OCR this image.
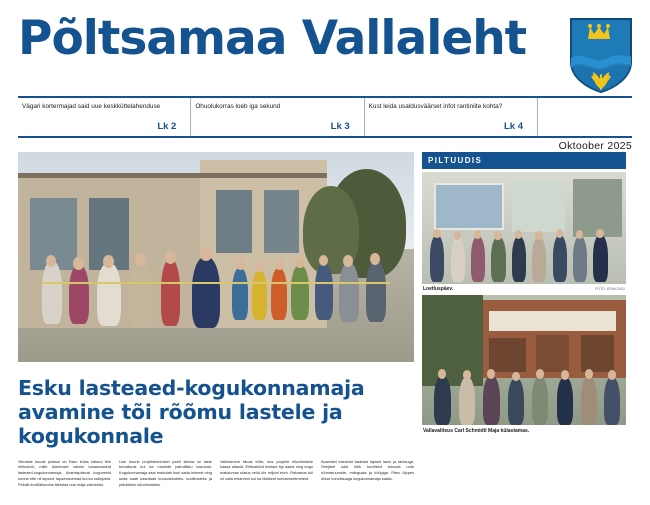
Põltsamaa Vallaleht
Vägari kortermajad said uue keskküttelahenduse
Lk 2
Ohuolukorras loeb iga sekund
Lk 3
Kust leida usaldusväärset infot rantiniite kohta?
Lk 4
Oktoober 2025
Esku lasteaed-kogukonnamaja avamine tõi rõõmu lastele ja kogukonnale

Viimaste kuude jooksul on Esku külas käinud tihe ehitustöö, mille tulemusel valmis kauaoodatud lasteaed-kogukonnamaja. Avamispäeval kogunesid hoone ette nii lapsed, lapsevanemad kui ka vallajuhid. Pidulik lindilõikamine tähistas uue maja valmimist.

Uue hoone projekteerimisel peeti silmas nii laste turvalisust kui ka ruumide paindlikku kasutust. Kogukonnamaja saal mahutab kuni sada inimest ning seda saab kasutada koosolekuteks, koolitusteks ja pidulikeks sündmusteks.

Vallavanem tänas kõiki, kes projekti elluviimisele kaasa aitasid. Ehitustööd kestsid ligi aasta ning kogu maksumus ulatus veidi üle miljoni euro. Rahastus tuli nii valla eelarvest kui ka riiklikest toetusmeetmetest.

Avamisel esinesid lasteaia lapsed laulu ja tantsuga. Seejärel said kõik huvilised tutvuda uute rühmaruumide, mänguala ja köögiga. Päev lõppes ühise kohvilauaga kogukonnamaja saalis.

PILTUUDIS
Loetluspäev.	FOTO: ERAKOGU
Vallavalitsus Carl Schmidti Maja külastamas.
